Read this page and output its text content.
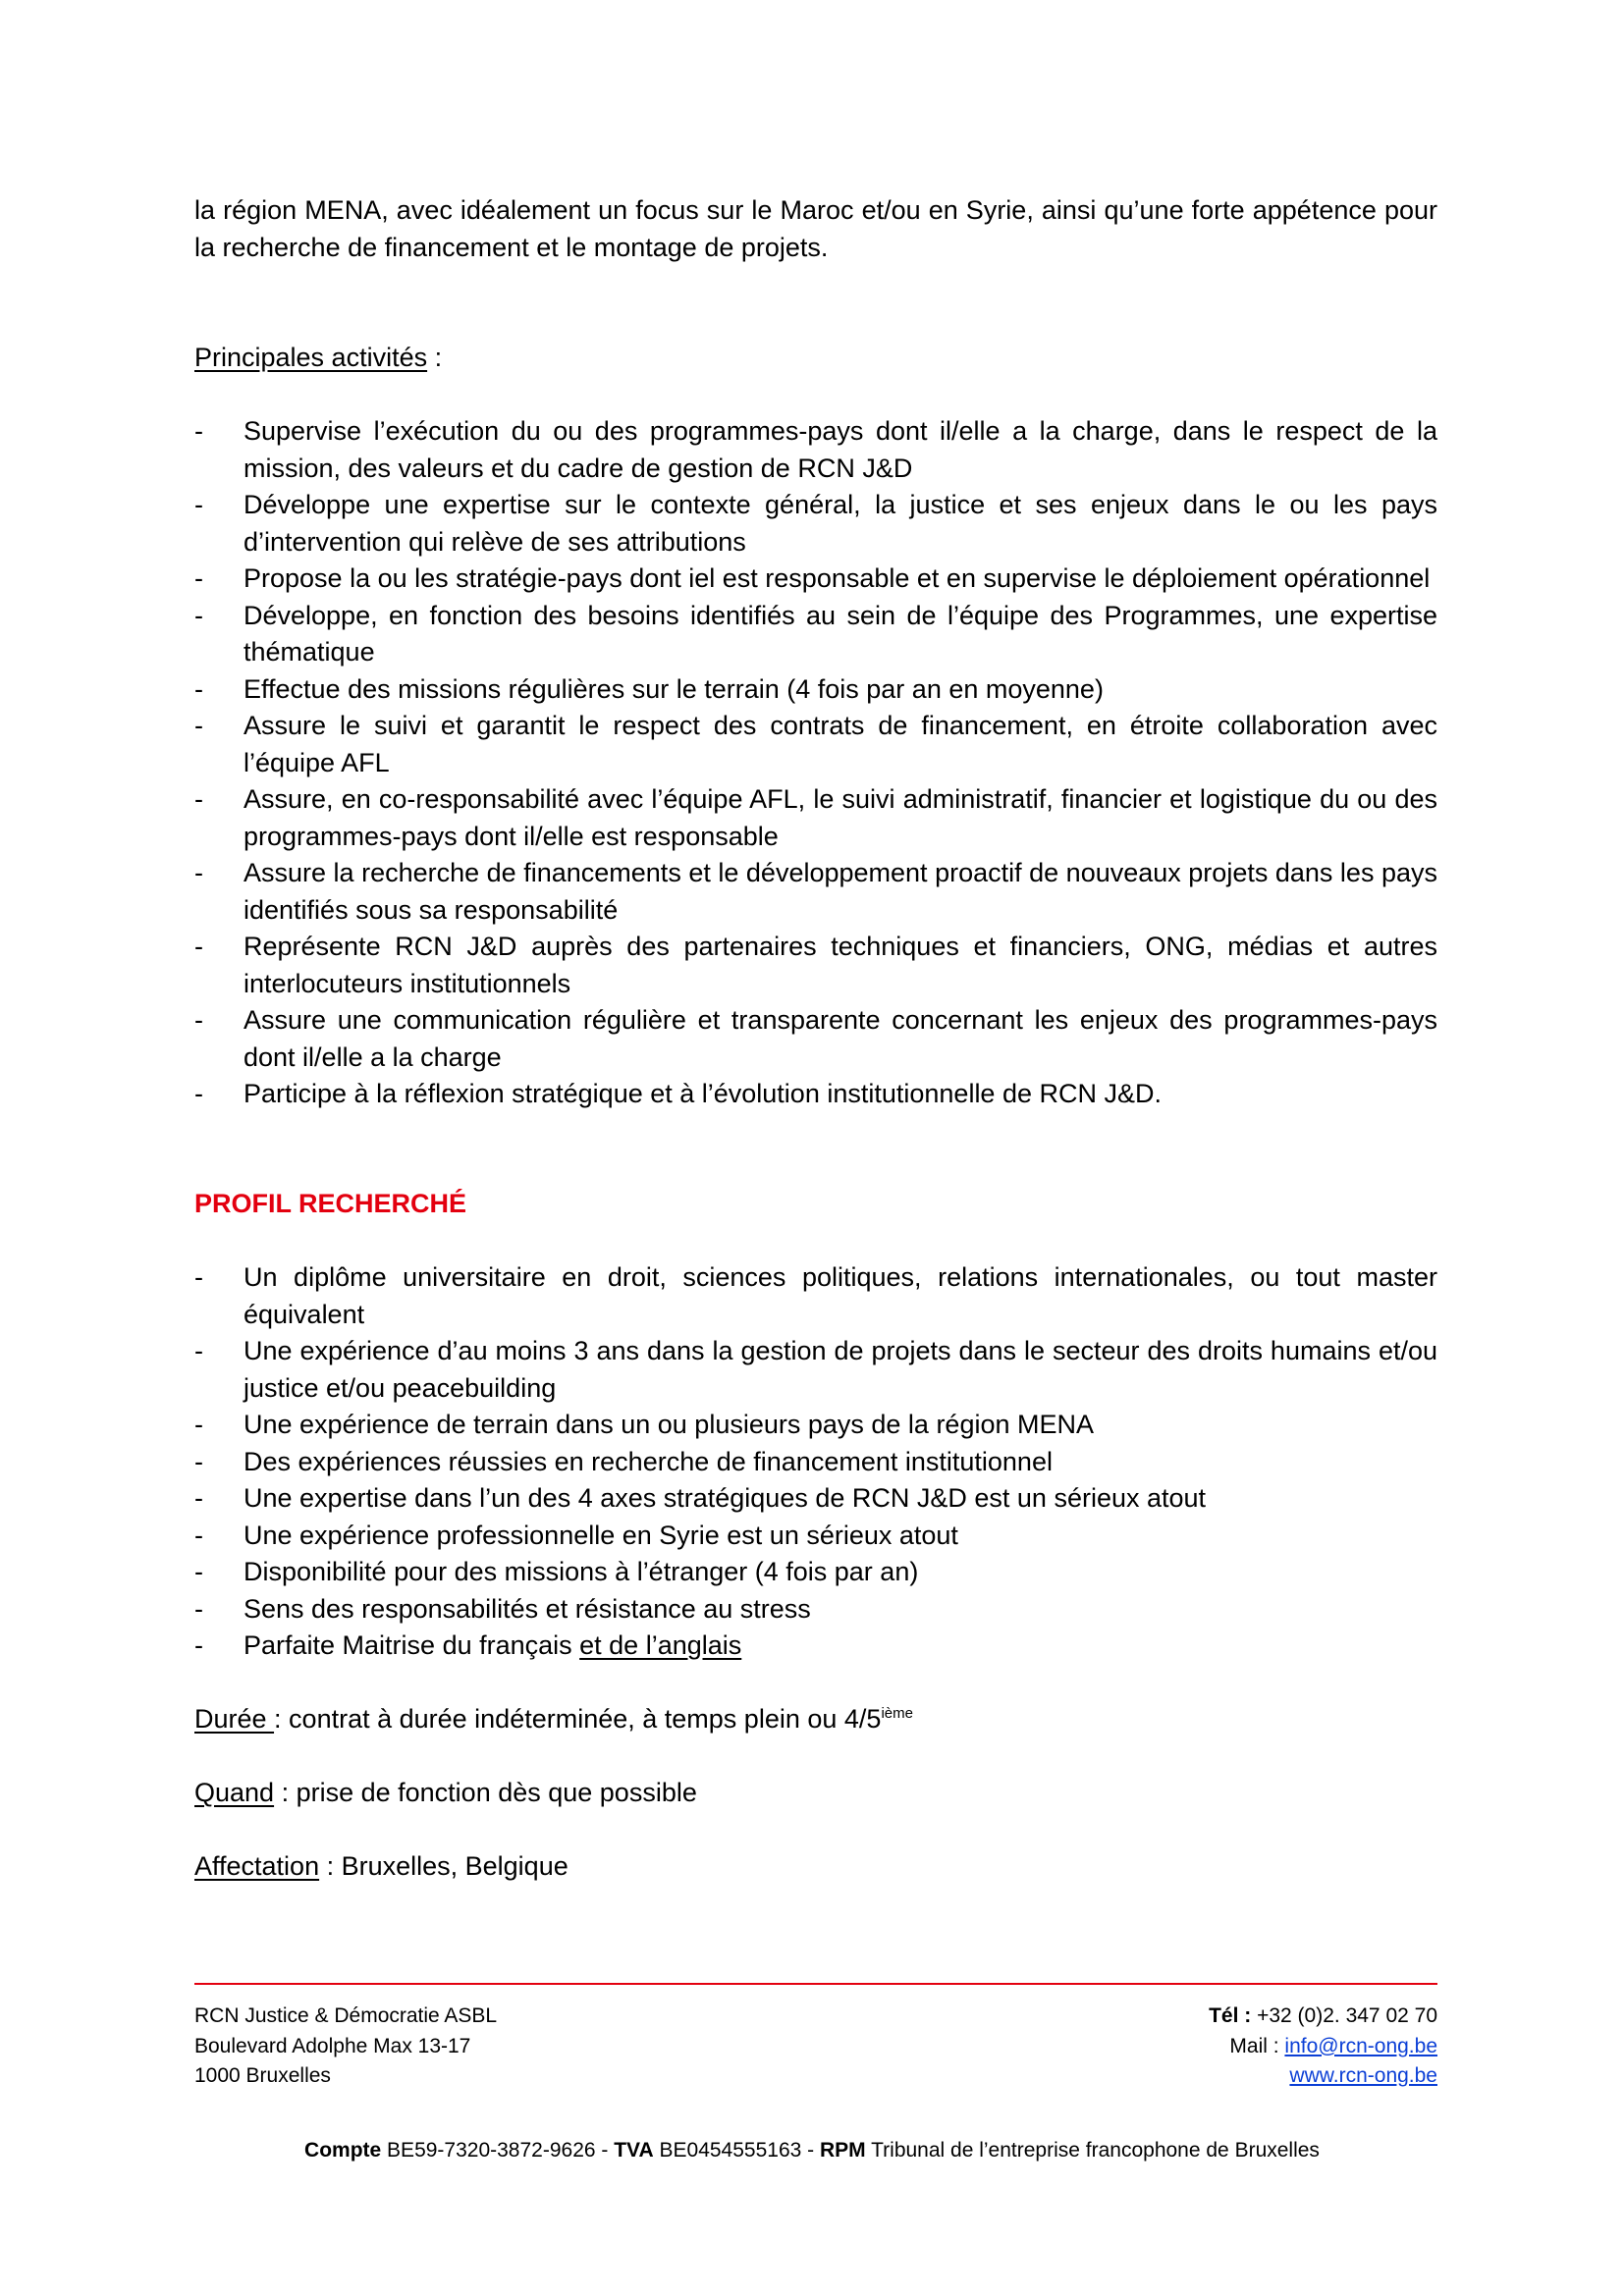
la région MENA, avec idéalement un focus sur le Maroc et/ou en Syrie, ainsi qu’une forte appétence pour la recherche de financement et le montage de projets.

Principales activités :

- Supervise l’exécution du ou des programmes-pays dont il/elle a la charge, dans le respect de la mission, des valeurs et du cadre de gestion de RCN J&D
- Développe une expertise sur le contexte général, la justice et ses enjeux dans le ou les pays d’intervention qui relève de ses attributions
- Propose la ou les stratégie-pays dont iel est responsable et en supervise le déploiement opérationnel
- Développe, en fonction des besoins identifiés au sein de l’équipe des Programmes, une expertise thématique
- Effectue des missions régulières sur le terrain (4 fois par an en moyenne)
- Assure le suivi et garantit le respect des contrats de financement, en étroite collaboration avec l’équipe AFL
- Assure, en co-responsabilité avec l’équipe AFL, le suivi administratif, financier et logistique du ou des programmes-pays dont il/elle est responsable
- Assure la recherche de financements et le développement proactif de nouveaux projets dans les pays identifiés sous sa responsabilité
- Représente RCN J&D auprès des partenaires techniques et financiers, ONG, médias et autres interlocuteurs institutionnels
- Assure une communication régulière et transparente concernant les enjeux des programmes-pays dont il/elle a la charge
- Participe à la réflexion stratégique et à l’évolution institutionnelle de RCN J&D.

PROFIL RECHERCHÉ

- Un diplôme universitaire en droit, sciences politiques, relations internationales, ou tout master équivalent
- Une expérience d’au moins 3 ans dans la gestion de projets dans le secteur des droits humains et/ou justice et/ou peacebuilding
- Une expérience de terrain dans un ou plusieurs pays de la région MENA
- Des expériences réussies en recherche de financement institutionnel
- Une expertise dans l’un des 4 axes stratégiques de RCN J&D est un sérieux atout
- Une expérience professionnelle en Syrie est un sérieux atout
- Disponibilité pour des missions à l’étranger (4 fois par an)
- Sens des responsabilités et résistance au stress
- Parfaite Maitrise du français et de l’anglais

Durée : contrat à durée indéterminée, à temps plein ou 4/5ième

Quand : prise de fonction dès que possible

Affectation : Bruxelles, Belgique

RCN Justice & Démocratie ASBL
Boulevard Adolphe Max 13-17
1000 Bruxelles
Tél : +32 (0)2. 347 02 70
Mail : info@rcn-ong.be
www.rcn-ong.be
Compte BE59-7320-3872-9626 - TVA BE0454555163 - RPM Tribunal de l’entreprise francophone de Bruxelles
